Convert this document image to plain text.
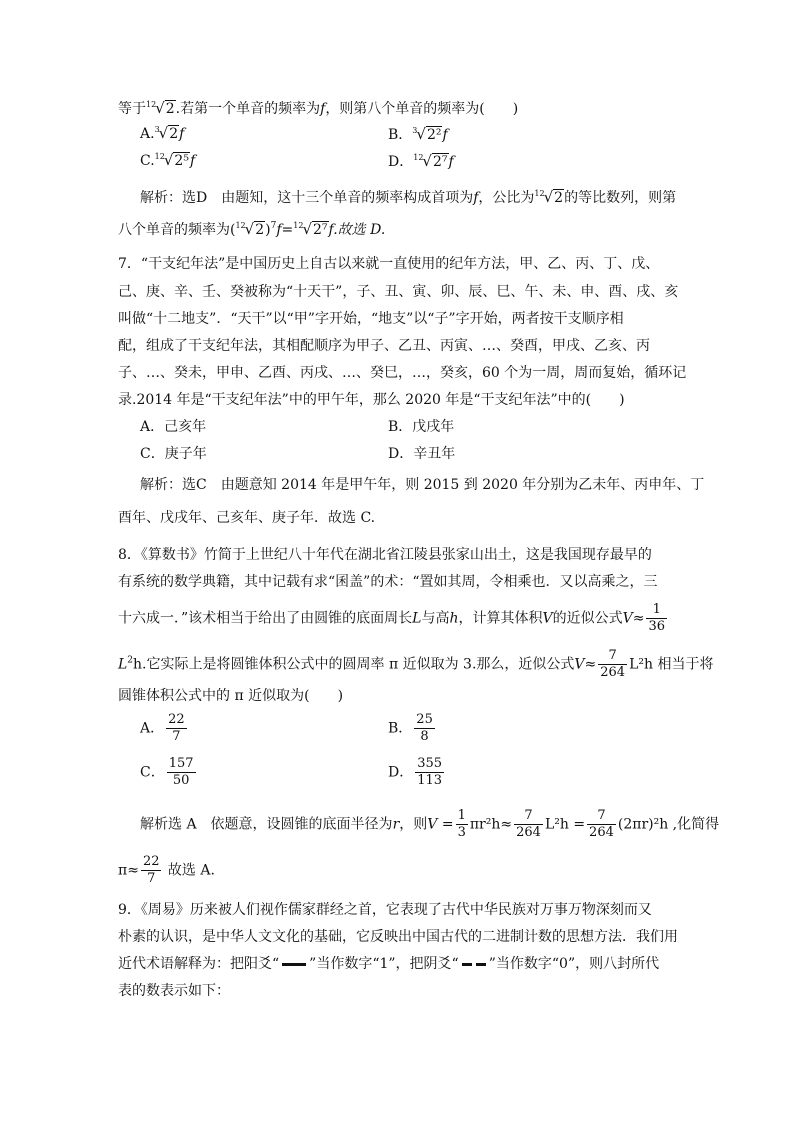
等于$^{12}$√2.若第一个单音的频率为f，则第八个单音的频率为(　　)
A.$^3$√2f	B．$^3$√2²f
C.$^{12}$√2⁵f	D．$^{12}$√2⁷f
解析：选D　由题知，这十三个单音的频率构成首项为f，公比为$^{12}$√2的等比数列，则第
八个单音的频率为$(^{12}√2)^7f=^{12}√2^7f$.故选 D.
7．“干支纪年法”是中国历史上自古以来就一直使用的纪年方法，甲、乙、丙、丁、戊、
己、庚、辛、壬、癸被称为“十天干”，子、丑、寅、卯、辰、巳、午、未、申、酉、戌、亥
叫做“十二地支”．“天干”以“甲”字开始，“地支”以“子”字开始，两者按干支顺序相
配，组成了干支纪年法，其相配顺序为甲子、乙丑、丙寅、…、癸酉，甲戌、乙亥、丙
子、…、癸未，甲申、乙酉、丙戌、…、癸巳，…，癸亥，60 个为一周，周而复始，循环记
录.2014 年是“干支纪年法”中的甲午年，那么 2020 年是“干支纪年法”中的(　　)
A．己亥年	B．戊戌年
C．庚子年	D．辛丑年
解析：选C　由题意知 2014 年是甲午年，则 2015 到 2020 年分别为乙未年、丙申年、丁
酉年、戊戌年、己亥年、庚子年．故选 C.
8．《算数书》竹简于上世纪八十年代在湖北省江陵县张家山出土，这是我国现存最早的
有系统的数学典籍，其中记载有求“囷盖”的术：“置如其周，令相乘也．又以高乘之，三
十六成一．”该术相当于给出了由圆锥的底面周长L与高h，计算其体积V的近似公式$V\approx \frac{1}{36}$
$L^2h$.它实际上是将圆锥体积公式中的圆周率 π 近似取为 3.那么，近似公式$V\approx \frac{7}{264} L^2h$ 相当于将
圆锥体积公式中的 π 近似取为(　　)
A． $\frac{22}{7}$	B． $\frac{25}{8}$
C． $\frac{157}{50}$	D． $\frac{355}{113}$
解析选 A　依题意，设圆锥的底面半径为r，则$V = \frac{1}{3} \pi r^2h\approx \frac{7}{264} L^2h = \frac{7}{264} (2\pi r)^2h$ ,化简得
$\pi\approx \frac{22}{7}$ 故选 A.
9．《周易》历来被人们视作儒家群经之首，它表现了古代中华民族对万事万物深刻而又
朴素的认识，是中华人文文化的基础，它反映出中国古代的二进制计数的思想方法．我们用
近代术语解释为：把阳爻“ ”当作数字“1”，把阴爻“ ”当作数字“0”，则八封所代
表的数表示如下：
